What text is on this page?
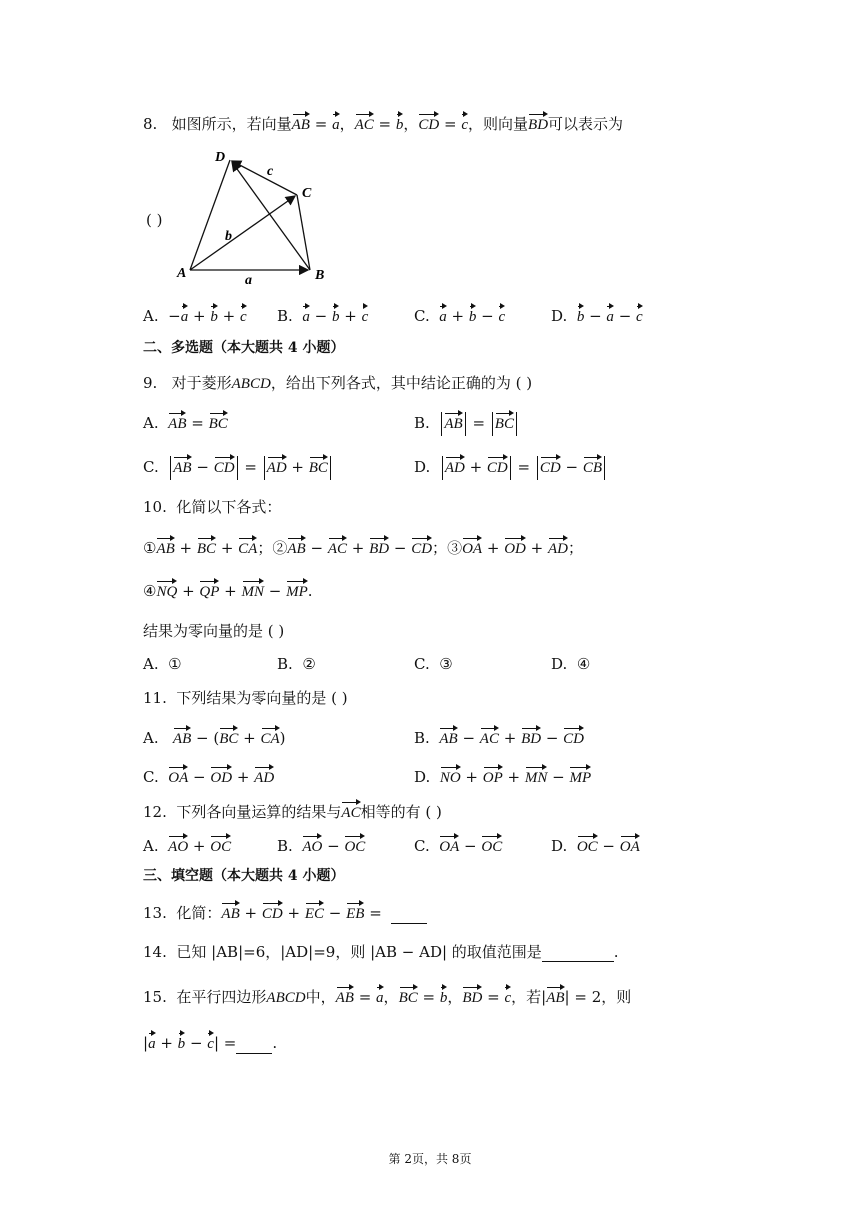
8. 如图所示，若向量AB = a，AC = b，CD = c，则向量BD可以表示为
( )
D
C
A	B
a
b
c
A.  −a + b + c B. a − b + c	C. a + b − c	D. b − a − c
二、多选题（本大题共 4 小题）
9. 对于菱形ABCD，给出下列各式，其中结论正确的为 ( )
A. AB = BC	B. AB = BC
C. AB − CD = AD + BC	D. AD + CD = CD − CB
10. 化简以下各式：
①AB + BC + CA；②AB − AC + BD − CD；③OA + OD + AD；
④NQ + QP + MN − MP.
结果为零向量的是 ( )
A. ①	B. ②	C. ③	D. ④
11. 下列结果为零向量的是 ( )
A. AB − (BC + CA)	B. AB − AC + BD − CD
C. OA − OD + AD	D. NO + OP + MN − MP
12. 下列各向量运算的结果与AC相等的有 ( )
A. AO + OC	B. AO − OC	C. OA − OC	D. OC − OA
三、填空题（本大题共 4 小题）
13. 化简：AB + CD + EC − EB =
14. 已知 |AB|=6，|AD|=9，则 |AB − AD| 的取值范围是	.
15. 在平行四边形ABCD中，AB = a，BC = b，BD = c，若|AB| = 2，则
|a + b − c| = .
第 2页，共 8页
